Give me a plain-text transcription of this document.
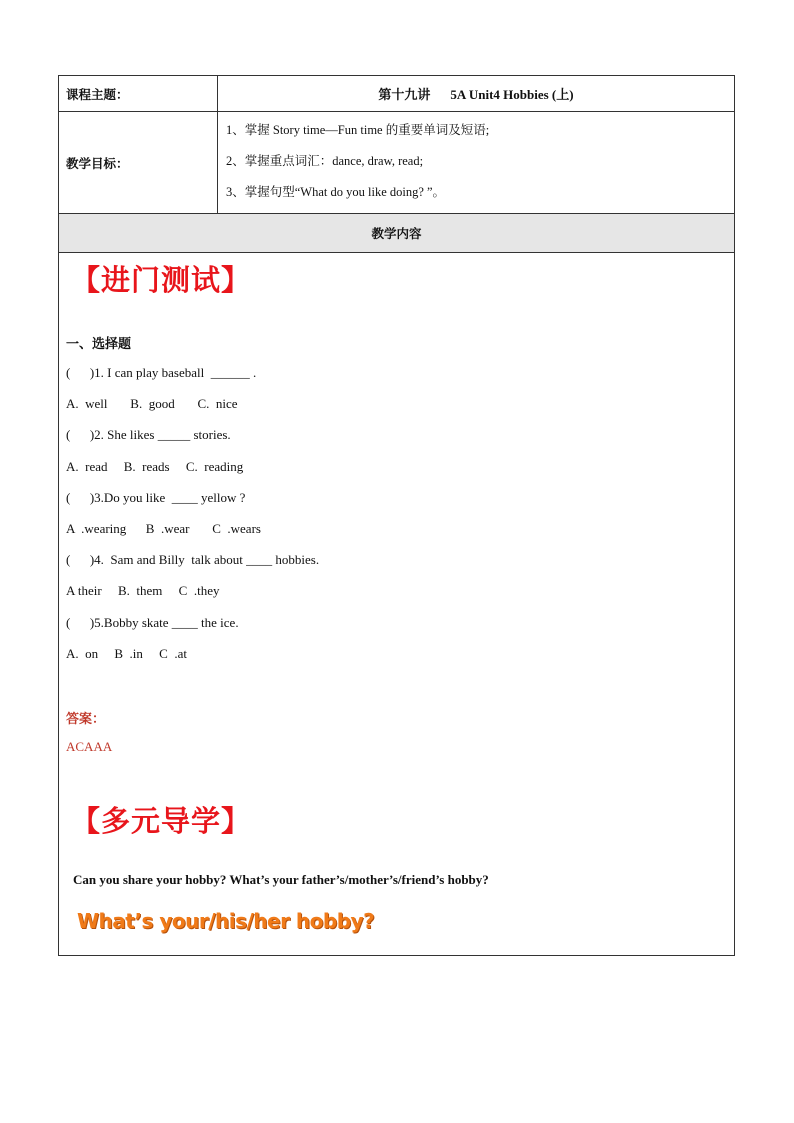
课程主题：	第十九讲 5A Unit4 Hobbies (上)
教学目标：
1、掌握 Story time—Fun time 的重要单词及短语;
2、掌握重点词汇：dance, draw, read;
3、掌握句型“What do you like doing? ”。
教学内容
【进门测试】
一、选择题
(      )1. I can play baseball  ______ .
A.  well       B.  good       C.  nice
(      )2. She likes _____ stories.
A.  read     B.  reads     C.  reading
(      )3.Do you like  ____ yellow ?
A  .wearing      B  .wear       C  .wears
(      )4.  Sam and Billy  talk about ____ hobbies.
A their     B.  them     C  .they
(      )5.Bobby skate ____ the ice.
A.  on     B  .in     C  .at
答案：
ACAAA
【多元导学】
Can you share your hobby? What’s your father’s/mother’s/friend’s hobby?
What’s your/his/her hobby?
